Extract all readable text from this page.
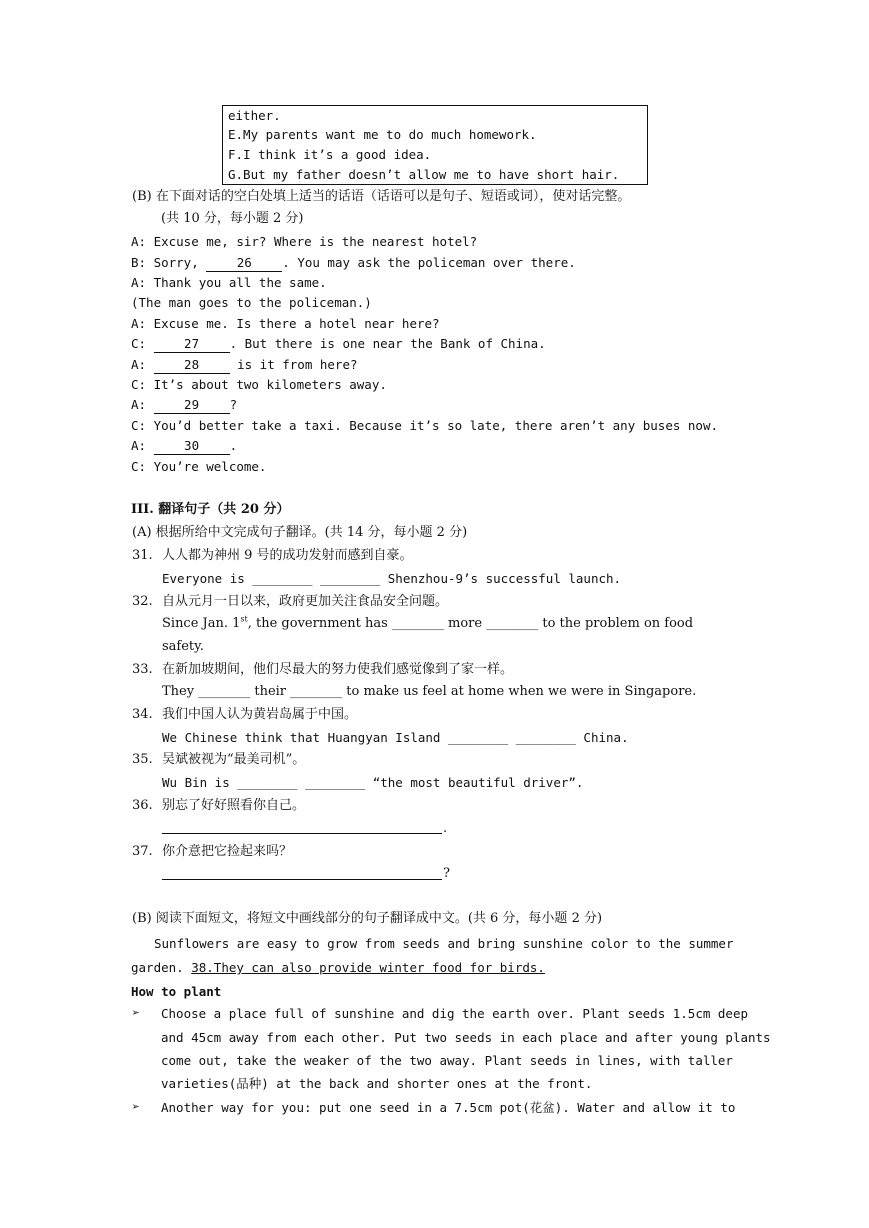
either.
E.My parents want me to do much homework.
F.I think it’s a good idea.
G.But my father doesn’t allow me to have short hair.
(B) 在下面对话的空白处填上适当的话语（话语可以是句子、短语或词），使对话完整。
(共 10 分，每小题 2 分)
A: Excuse me, sir? Where is the nearest hotel?
B: Sorry, 26 . You may ask the policeman over there.
A: Thank you all the same.
(The man goes to the policeman.)
A: Excuse me. Is there a hotel near here?
C: 27 . But there is one near the Bank of China.
A: 28 is it from here?
C: It’s about two kilometers away.
A: 29 ?
C: You’d better take a taxi. Because it’s so late, there aren’t any buses now.
A: 30 .
C: You’re welcome.
III. 翻译句子（共 20 分）
(A) 根据所给中文完成句子翻译。(共 14 分，每小题 2 分)
31. 人人都为神州 9 号的成功发射而感到自豪。
Everyone is ________ ________ Shenzhou-9’s successful launch.
32. 自从元月一日以来，政府更加关注食品安全问题。
Since Jan. 1st, the government has ________ more ________ to the problem on food
safety.
33. 在新加坡期间，他们尽最大的努力使我们感觉像到了家一样。
They ________ their ________ to make us feel at home when we were in Singapore.
34. 我们中国人认为黄岩岛属于中国。
We Chinese think that Huangyan Island ________ ________ China.
35. 吴斌被视为“最美司机”。
Wu Bin is ________ ________ “the most beautiful driver”.
36. 别忘了好好照看你自己。
.
37. 你介意把它捡起来吗？
?
(B) 阅读下面短文，将短文中画线部分的句子翻译成中文。(共 6 分，每小题 2 分)
Sunflowers are easy to grow from seeds and bring sunshine color to the summer
garden. 38.They can also provide winter food for birds.
How to plant
➢ Choose a place full of sunshine and dig the earth over. Plant seeds 1.5cm deep
and 45cm away from each other. Put two seeds in each place and after young plants
come out, take the weaker of the two away. Plant seeds in lines, with taller
varieties(品种) at the back and shorter ones at the front.
➢ Another way for you: put one seed in a 7.5cm pot(花盆). Water and allow it to
